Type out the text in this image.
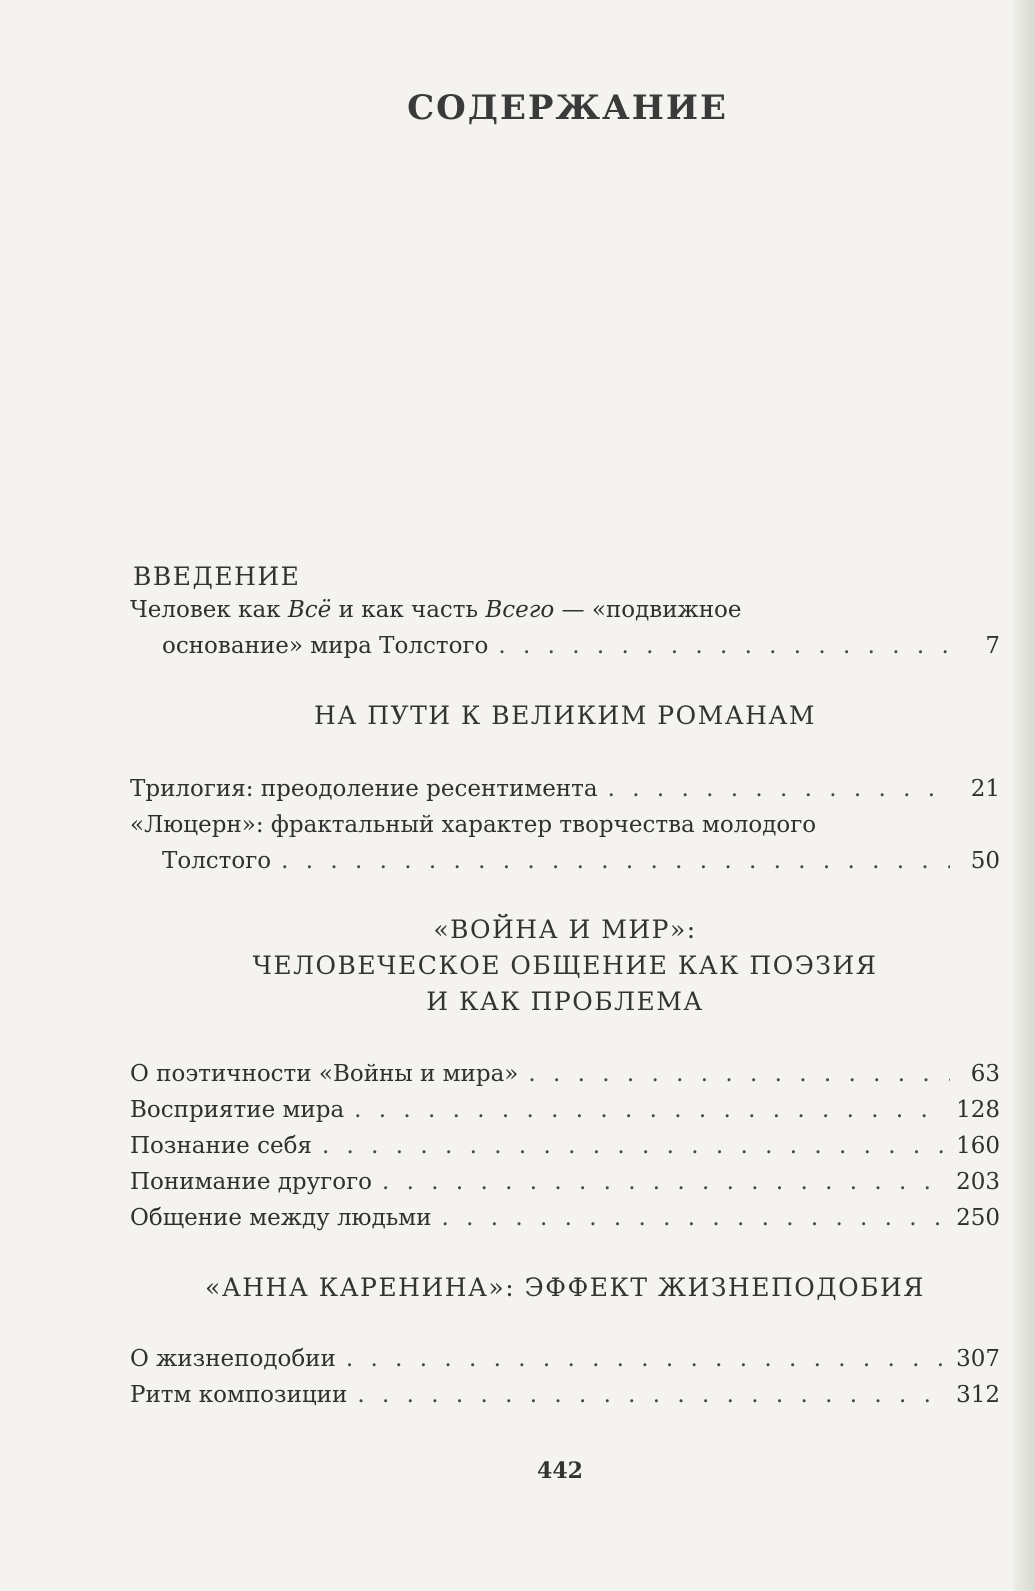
СОДЕРЖАНИЕ
ВВЕДЕНИЕ
Человек как Всё и как часть Всего — «подвижное
основание» мира Толстого . . .	7
НА ПУТИ К ВЕЛИКИМ РОМАНАМ
Трилогия: преодоление ресентимента . . .	21
«Люцерн»: фрактальный характер творчества молодого
Толстого . . .	50
«ВОЙНА И МИР»:
ЧЕЛОВЕЧЕСКОЕ ОБЩЕНИЕ КАК ПОЭЗИЯ
И КАК ПРОБЛЕМА
О поэтичности «Войны и мира» . . .	63
Восприятие мира . . .	128
Познание себя . . .	160
Понимание другого . . .	203
Общение между людьми . . .	250
«АННА КАРЕНИНА»: ЭФФЕКТ ЖИЗНЕПОДОБИЯ
О жизнеподобии . . .	307
Ритм композиции . . .	312
442
